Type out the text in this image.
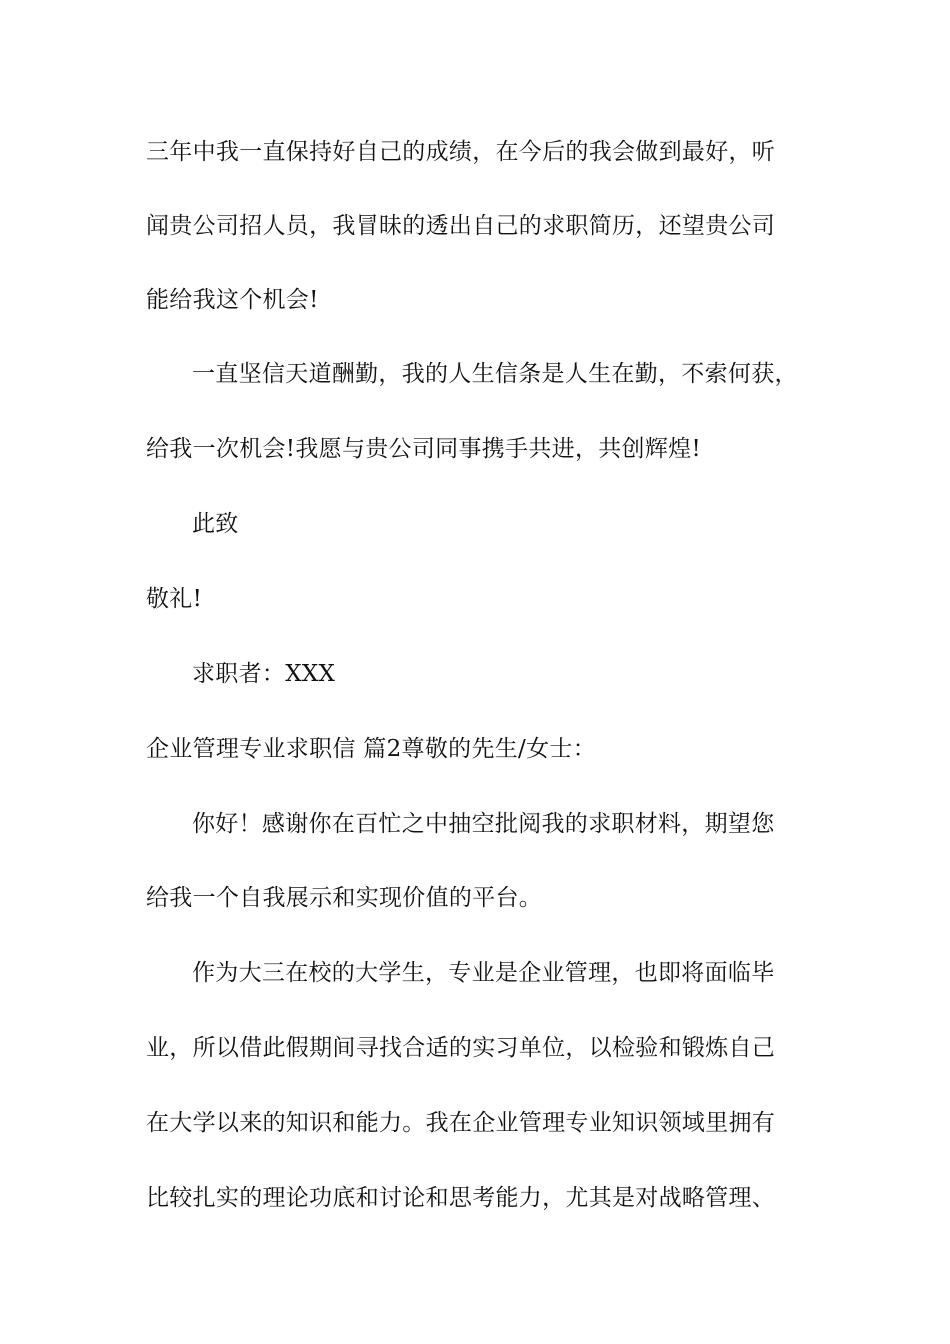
三年中我一直保持好自己的成绩，在今后的我会做到最好，听
闻贵公司招人员，我冒昧的透出自己的求职简历，还望贵公司
能给我这个机会!
一直坚信天道酬勤，我的人生信条是人生在勤，不索何获，
给我一次机会!我愿与贵公司同事携手共进，共创辉煌!
此致
敬礼!
求职者：XXX
企业管理专业求职信 篇2尊敬的先生/女士：
你好！感谢你在百忙之中抽空批阅我的求职材料，期望您
给我一个自我展示和实现价值的平台。
作为大三在校的大学生，专业是企业管理，也即将面临毕
业，所以借此假期间寻找合适的实习单位，以检验和锻炼自己
在大学以来的知识和能力。我在企业管理专业知识领域里拥有
比较扎实的理论功底和讨论和思考能力，尤其是对战略管理、
